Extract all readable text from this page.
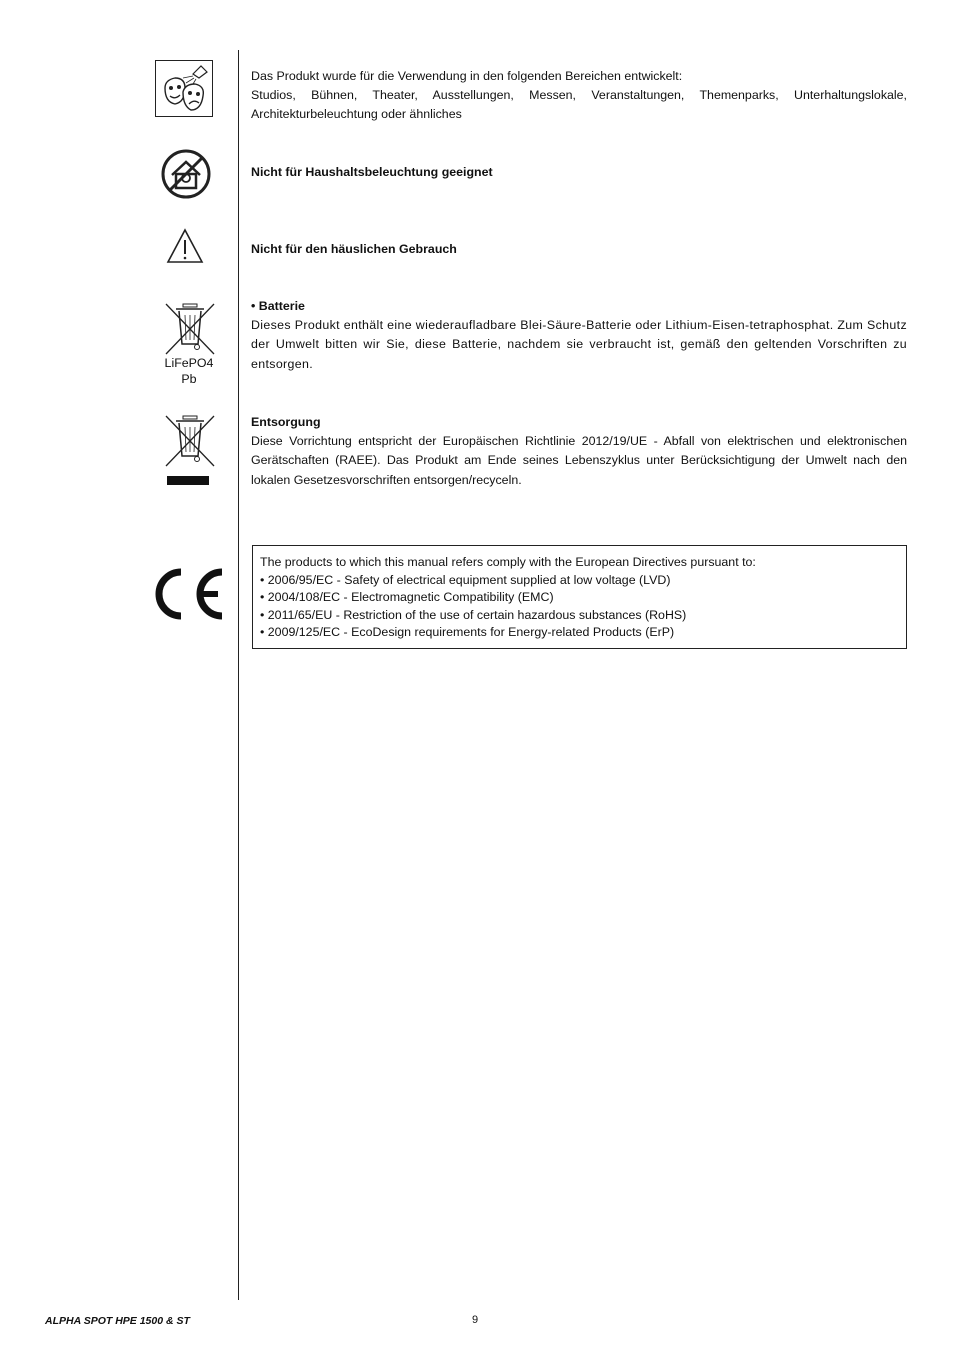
LiFePO4
Pb
Das Produkt wurde für die Verwendung in den folgenden Bereichen entwickelt:
Studios, Bühnen, Theater, Ausstellungen, Messen, Veranstaltungen, Themenparks, Unterhaltungslokale, Architekturbeleuchtung oder ähnliches
Nicht für Haushaltsbeleuchtung geeignet
Nicht für den häuslichen Gebrauch
• Batterie
Dieses Produkt enthält eine wiederaufladbare Blei-Säure-Batterie oder Lithium-Eisen-tetraphosphat. Zum Schutz der Umwelt bitten wir Sie, diese Batterie, nachdem sie verbraucht ist, gemäß den geltenden Vorschriften zu entsorgen.
Entsorgung
Diese Vorrichtung entspricht der Europäischen Richtlinie 2012/19/UE - Abfall von elektrischen und elektronischen Gerätschaften (RAEE). Das Produkt am Ende seines Lebenszyklus unter Berücksichtigung der Umwelt nach den lokalen Gesetzesvorschriften entsorgen/recyceln.
The products to which this manual refers comply with the European Directives pursuant to:
• 2006/95/EC - Safety of electrical equipment supplied at low voltage (LVD)
• 2004/108/EC - Electromagnetic Compatibility (EMC)
• 2011/65/EU - Restriction of the use of certain hazardous substances (RoHS)
• 2009/125/EC - EcoDesign requirements for Energy-related Products (ErP)
ALPHA SPOT HPE 1500 & ST	9
